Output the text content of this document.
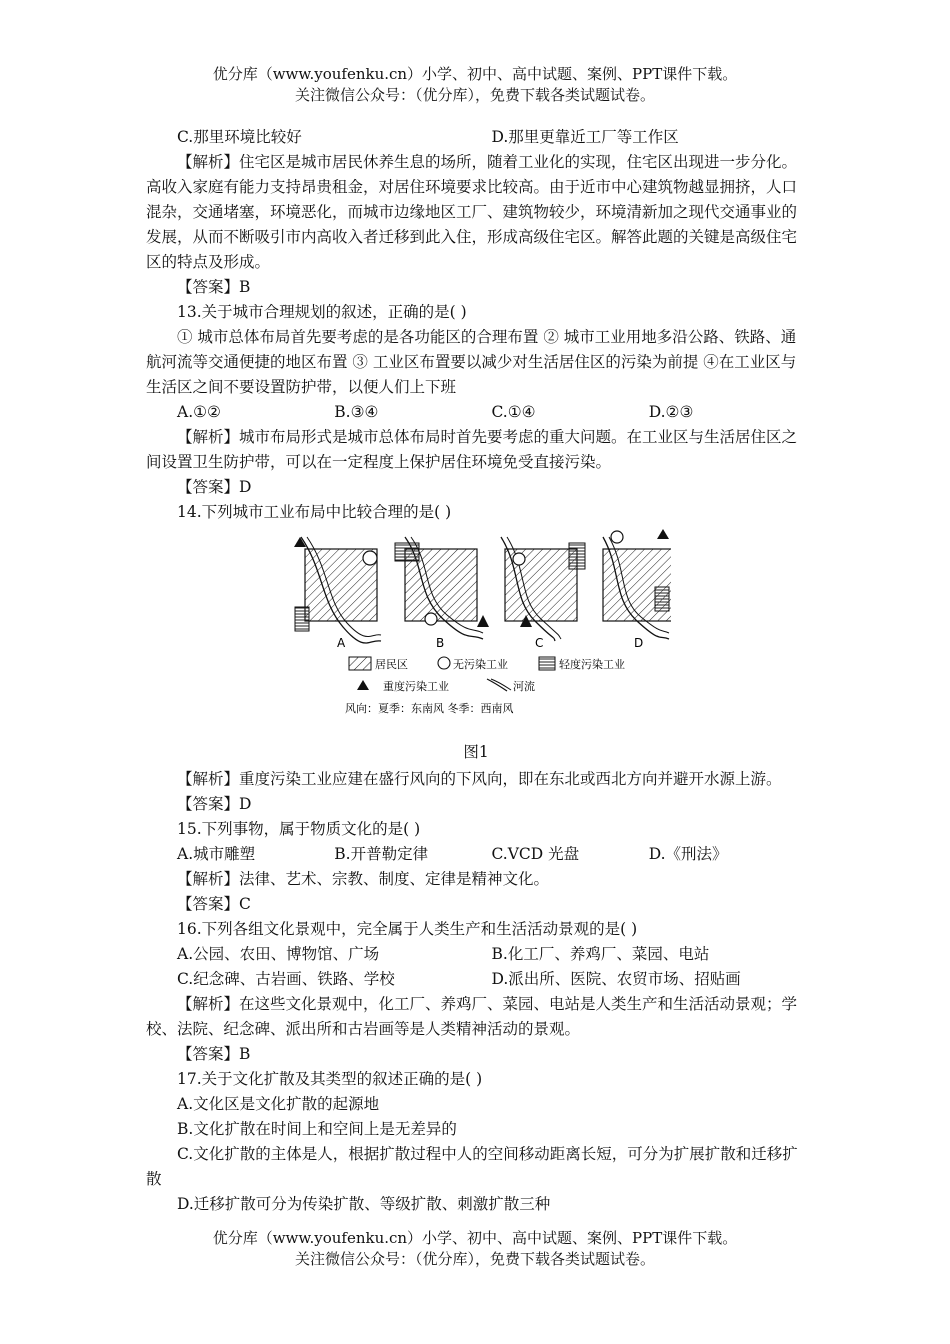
优分库（www.youfenku.cn）小学、初中、高中试题、案例、PPT课件下载。
关注微信公众号：（优分库），免费下载各类试题试卷。
C.那里环境比较好	D.那里更靠近工厂等工作区

【解析】住宅区是城市居民休养生息的场所，随着工业化的实现，住宅区出现进一步分化。高收入家庭有能力支持昂贵租金，对居住环境要求比较高。由于近市中心建筑物越显拥挤，人口混杂，交通堵塞，环境恶化，而城市边缘地区工厂、建筑物较少，环境清新加之现代交通事业的发展，从而不断吸引市内高收入者迁移到此入住，形成高级住宅区。解答此题的关键是高级住宅区的特点及形成。

【答案】B

13.关于城市合理规划的叙述，正确的是( )

① 城市总体布局首先要考虑的是各功能区的合理布置 ② 城市工业用地多沿公路、铁路、通航河流等交通便捷的地区布置 ③ 工业区布置要以减少对生活居住区的污染为前提 ④在工业区与生活区之间不要设置防护带，以便人们上下班

A.①②	B.③④	C.①④	D.②③

【解析】城市布局形式是城市总体布局时首先要考虑的重大问题。在工业区与生活居住区之间设置卫生防护带，可以在一定程度上保护居住环境免受直接污染。

【答案】D

14.下列城市工业布局中比较合理的是( )

A	B	C	D
居民区	无污染工业	轻度污染工业
重度污染工业	河流
风向：夏季：东南风 冬季：西南风

图1

【解析】重度污染工业应建在盛行风向的下风向，即在东北或西北方向并避开水源上游。

【答案】D

15.下列事物，属于物质文化的是( )

A.城市雕塑	B.开普勒定律	C.VCD 光盘	D.《刑法》

【解析】法律、艺术、宗教、制度、定律是精神文化。

【答案】C

16.下列各组文化景观中，完全属于人类生产和生活活动景观的是( )

A.公园、农田、博物馆、广场	B.化工厂、养鸡厂、菜园、电站
C.纪念碑、古岩画、铁路、学校	D.派出所、医院、农贸市场、招贴画

【解析】在这些文化景观中，化工厂、养鸡厂、菜园、电站是人类生产和生活活动景观；学校、法院、纪念碑、派出所和古岩画等是人类精神活动的景观。

【答案】B

17.关于文化扩散及其类型的叙述正确的是( )

A.文化区是文化扩散的起源地

B.文化扩散在时间上和空间上是无差异的

C.文化扩散的主体是人，根据扩散过程中人的空间移动距离长短，可分为扩展扩散和迁移扩散

D.迁移扩散可分为传染扩散、等级扩散、刺激扩散三种

优分库（www.youfenku.cn）小学、初中、高中试题、案例、PPT课件下载。
关注微信公众号：（优分库），免费下载各类试题试卷。
